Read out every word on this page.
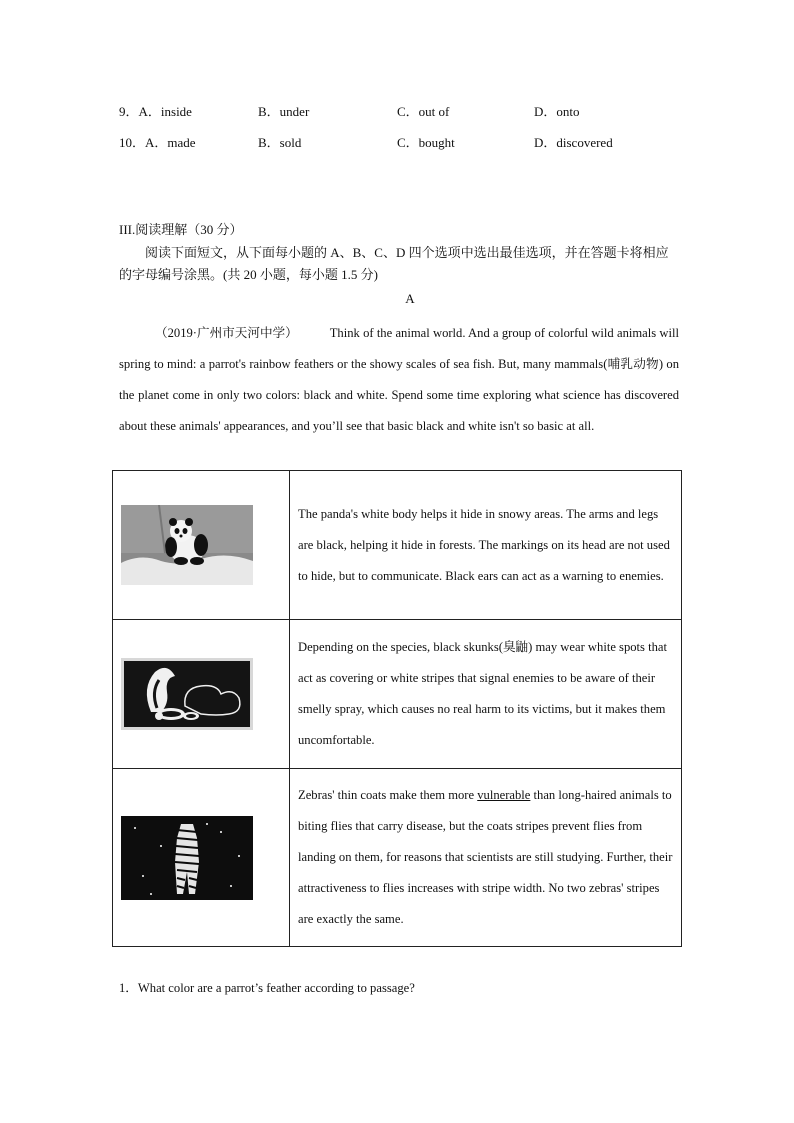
9．A．inside	B．under	C．out of	D．onto
10．A．made	B．sold	C．bought	D．discovered
III.阅读理解（30 分）
阅读下面短文，从下面每小题的 A、B、C、D 四个选项中选出最佳选项，并在答题卡将相应的字母编号涂黑。(共 20 小题，每小题 1.5 分)
A
（2019·广州市天河中学）	Think of the animal world. And a group of colorful wild animals will spring to mind: a parrot's rainbow feathers or the showy scales of sea fish. But, many mammals(哺乳动物) on the planet come in only two colors: black and white. Spend some time exploring what science has discovered about these animals' appearances, and you’ll see that basic black and white isn't so basic at all.
	The panda's white body helps it hide in snowy areas. The arms and legs are black, helping it hide in forests. The markings on its head are not used to hide, but to communicate. Black ears can act as a warning to enemies.

	Depending on the species, black skunks(臭鼬) may wear white spots that act as covering or white stripes that signal enemies to be aware of their smelly spray, which causes no real harm to its victims, but it makes them uncomfortable.

	Zebras' thin coats make them more vulnerable than long-haired animals to biting flies that carry disease, but the coats stripes prevent flies from landing on them, for reasons that scientists are still studying. Further, their attractiveness to flies increases with stripe width. No two zebras' stripes are exactly the same.
1．What color are a parrot’s feather according to passage?
